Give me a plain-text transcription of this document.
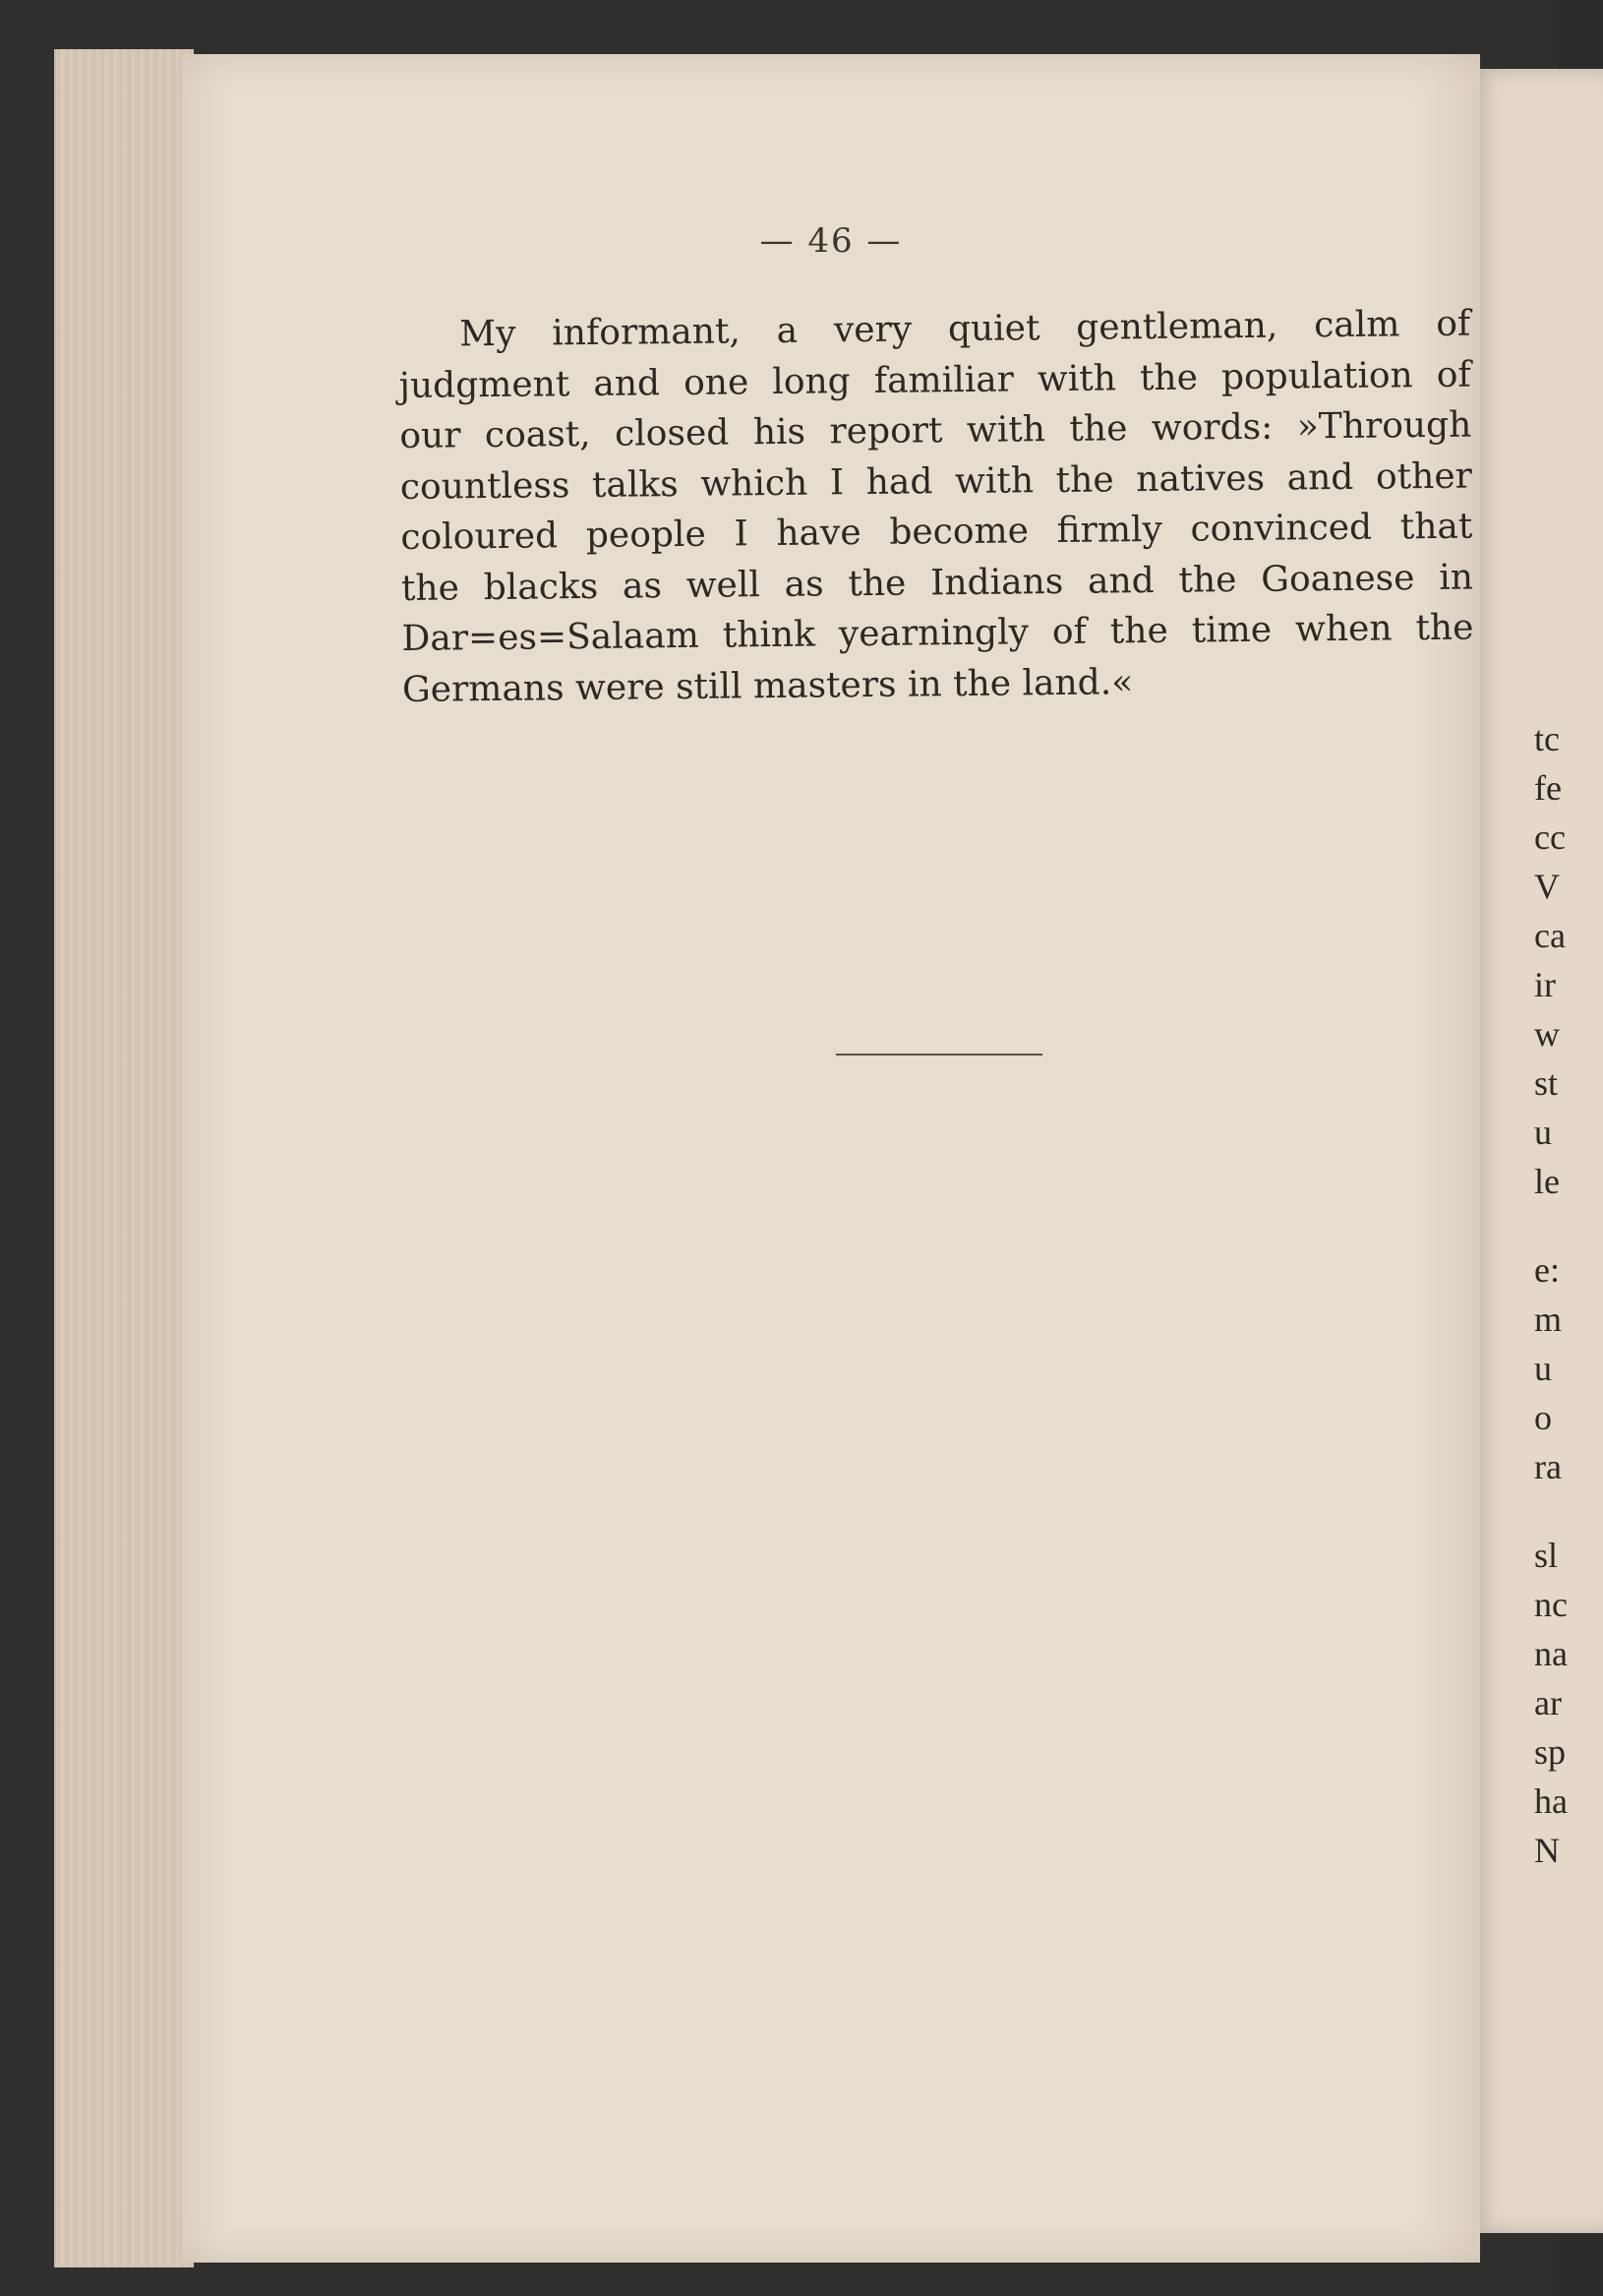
tc
fe
cc
V
ca
ir
w
st
u
le
e:
m
u
o
ra
sl
nc
na
ar
sp
ha
N
— 46 —
My informant, a very quiet gentleman, calm of
judgment and one long familiar with the population of
our coast, closed his report with the words: »Through
countless talks which I had with the natives and other
coloured people I have become firmly convinced that
the blacks as well as the Indians and the Goanese in
Dar=es=Salaam think yearningly of the time when the
Germans were still masters in the land.«
